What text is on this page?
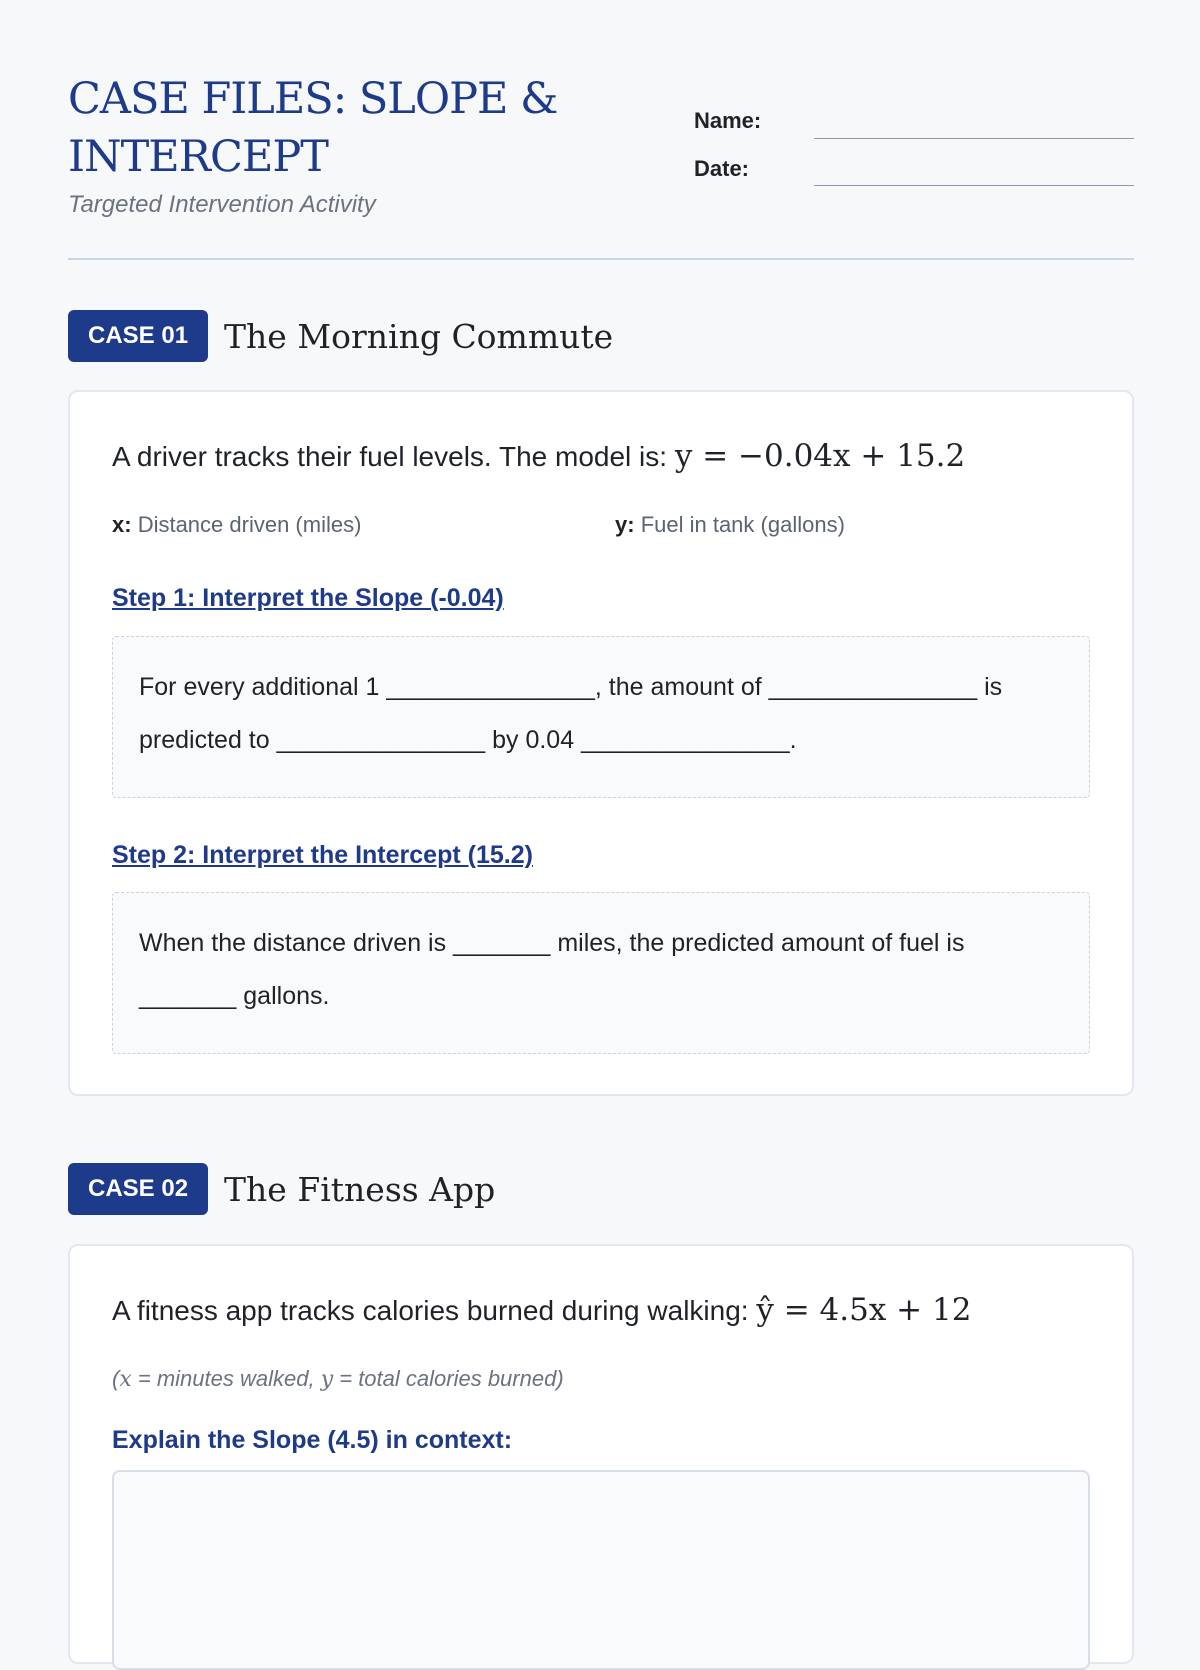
CASE FILES: SLOPE & INTERCEPT
Targeted Intervention Activity
Name:
Date:
CASE 01	The Morning Commute
A driver tracks their fuel levels. The model is: y = −0.04x + 15.2
x: Distance driven (miles)	y: Fuel in tank (gallons)
Step 1: Interpret the Slope (-0.04)
For every additional 1 _______________, the amount of _______________ is
predicted to _______________ by 0.04 _______________.
Step 2: Interpret the Intercept (15.2)
When the distance driven is _______ miles, the predicted amount of fuel is
_______ gallons.
CASE 02	The Fitness App
A fitness app tracks calories burned during walking: ŷ = 4.5x + 12
(x = minutes walked, y = total calories burned)
Explain the Slope (4.5) in context:
